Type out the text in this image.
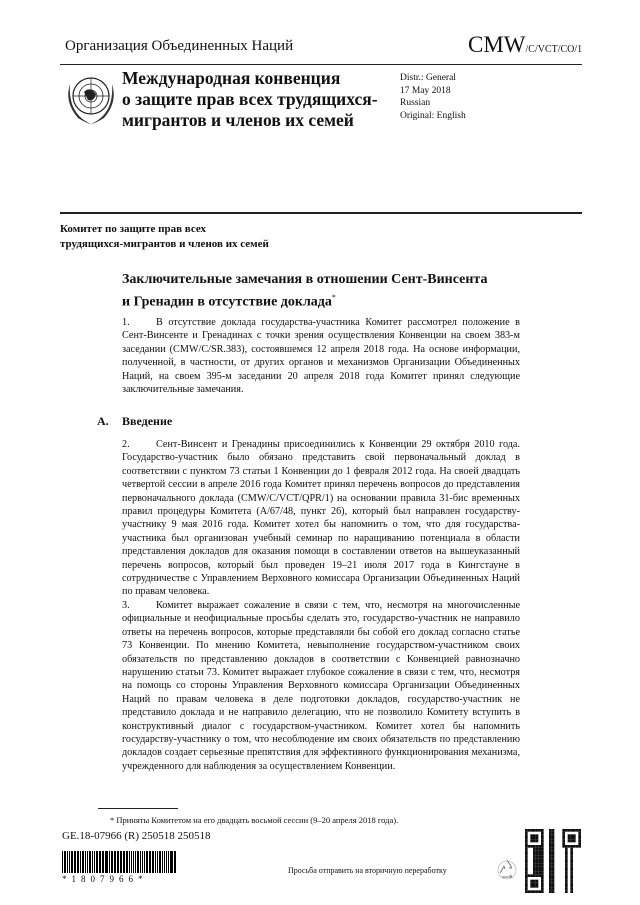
Организация Объединенных Наций	CMW/C/VCT/CO/1
Международная конвенция
о защите прав всех трудящихся-
мигрантов и членов их семей
Distr.: General
17 May 2018
Russian
Original: English
Комитет по защите прав всех
трудящихся-мигрантов и членов их семей
Заключительные замечания в отношении Сент-Винсента
и Гренадин в отсутствие доклада*
1.	В отсутствие доклада государства-участника Комитет рассмотрел положение в Сент-Винсенте и Гренадинах с точки зрения осуществления Конвенции на своем 383-м заседании (CMW/C/SR.383), состоявшемся 12 апреля 2018 года. На основе информации, полученной, в частности, от других органов и механизмов Организации Объединенных Наций, на своем 395-м заседании 20 апреля 2018 года Комитет принял следующие заключительные замечания.
A. Введение
2.	Сент-Винсент и Гренадины присоединились к Конвенции 29 октября 2010 года. Государство-участник было обязано представить свой первоначальный доклад в соответствии с пунктом 73 статьи 1 Конвенции до 1 февраля 2012 года. На своей двадцать четвертой сессии в апреле 2016 года Комитет принял перечень вопросов до представления первоначального доклада (CMW/C/VCT/QPR/1) на основании правила 31-бис временных правил процедуры Комитета (A/67/48, пункт 26), который был направлен государству-участнику 9 мая 2016 года. Комитет хотел бы напомнить о том, что для государства-участника был организован учебный семинар по наращиванию потенциала в области представления докладов для оказания помощи в составлении ответов на вышеуказанный перечень вопросов, который был проведен 19–21 июля 2017 года в Кингстауне в сотрудничестве с Управлением Верховного комиссара Организации Объединенных Наций по правам человека.
3.	Комитет выражает сожаление в связи с тем, что, несмотря на многочисленные официальные и неофициальные просьбы сделать это, государство-участник не направило ответы на перечень вопросов, которые представляли бы собой его доклад согласно статье 73 Конвенции. По мнению Комитета, невыполнение государством-участником своих обязательств по представлению докладов в соответствии с Конвенцией равнозначно нарушению статьи 73. Комитет выражает глубокое сожаление в связи с тем, что, несмотря на помощь со стороны Управления Верховного комиссара Организации Объединенных Наций по правам человека в деле подготовки докладов, государство-участник не представило доклада и не направило делегацию, что не позволило Комитету вступить в конструктивный диалог с государством-участником. Комитет хотел бы напомнить государству-участнику о том, что несоблюдение им своих обязательств по представлению докладов создает серьезные препятствия для эффективного функционирования механизма, учрежденного для наблюдения за осуществлением Конвенции.
* Приняты Комитетом на его двадцать восьмой сессии (9–20 апреля 2018 года).
GE.18-07966 (R) 250518 250518
*1807966*
Просьба отправить на вторичную переработку
